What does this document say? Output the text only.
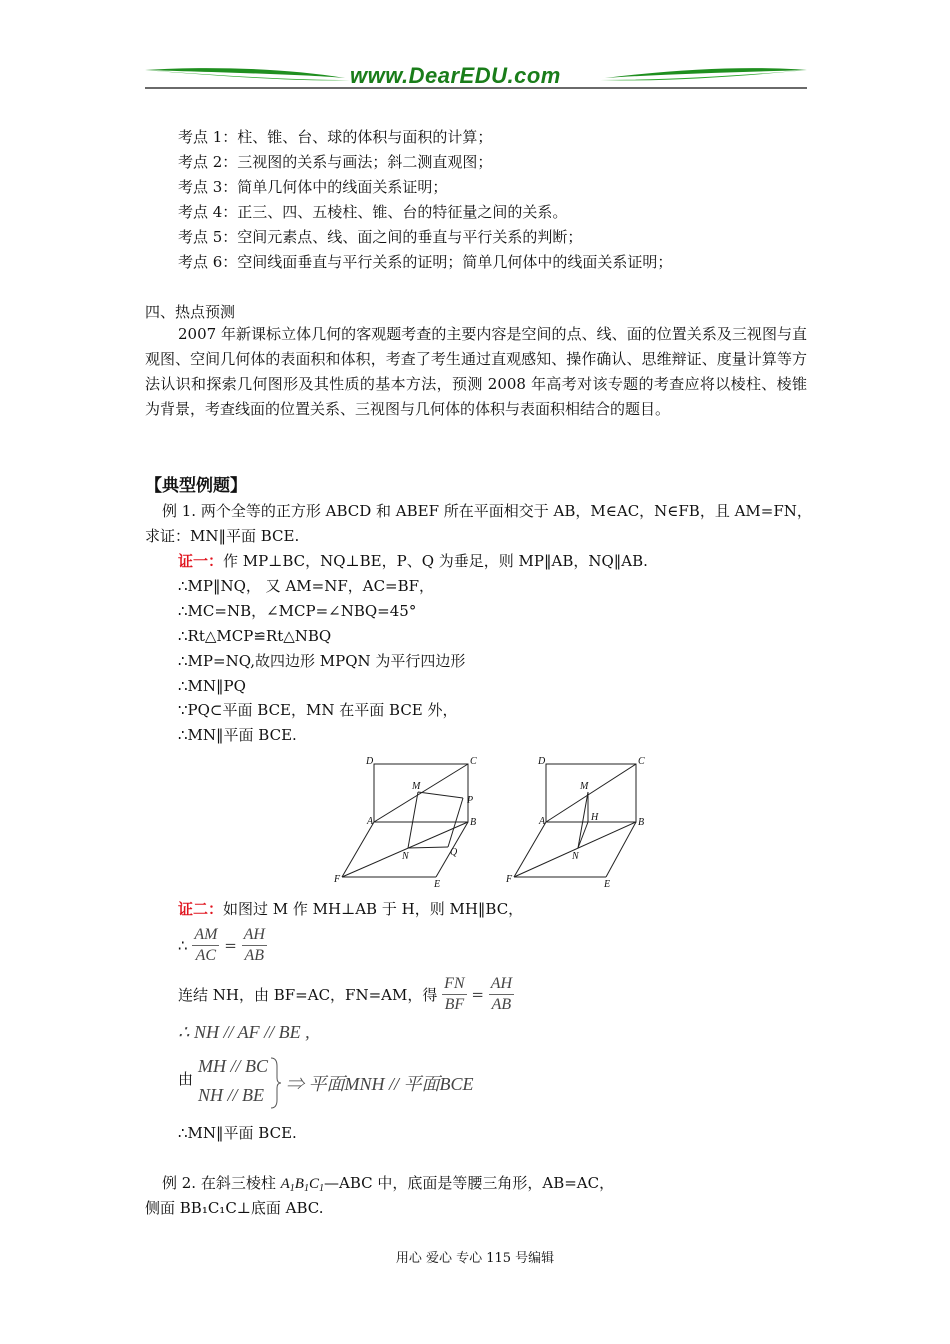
www.DearEDU.com
考点 1：柱、锥、台、球的体积与面积的计算；
考点 2：三视图的关系与画法；斜二测直观图；
考点 3：简单几何体中的线面关系证明；
考点 4：正三、四、五棱柱、锥、台的特征量之间的关系。
考点 5：空间元素点、线、面之间的垂直与平行关系的判断；
考点 6：空间线面垂直与平行关系的证明；简单几何体中的线面关系证明；
四、热点预测
2007 年新课标立体几何的客观题考查的主要内容是空间的点、线、面的位置关系及三视图与直观图、空间几何体的表面积和体积，考查了考生通过直观感知、操作确认、思维辩证、度量计算等方法认识和探索几何图形及其性质的基本方法，预测 2008 年高考对该专题的考查应将以棱柱、棱锥为背景，考查线面的位置关系、三视图与几何体的体积与表面积相结合的题目。
【典型例题】
例 1. 两个全等的正方形 ABCD 和 ABEF 所在平面相交于 AB，M∈AC，N∈FB，且 AM=FN，
求证：MN‖平面 BCE.
证一：作 MP⊥BC，NQ⊥BE，P、Q 为垂足，则 MP‖AB，NQ‖AB.
∴MP‖NQ， 又 AM=NF，AC=BF，
∴MC=NB，∠MCP=∠NBQ=45°
∴Rt△MCP≌Rt△NBQ
∴MP=NQ,故四边形 MPQN 为平行四边形
∴MN‖PQ
∵PQ⊂平面 BCE，MN 在平面 BCE 外，
∴MN‖平面 BCE.
D	C
M
P
A	B
N	Q
F	E
D	C
M
H
A	B
N
F	E
证二：如图过 M 作 MH⊥AB 于 H，则 MH‖BC，
∴ $\frac{AM}{AC} = \frac{AH}{AB}$
连结 NH，由 BF=AC，FN=AM，得 $\frac{FN}{BF} = \frac{AH}{AB}$
∴ NH // AF // BE ,
由
MH // BC
NH // BE
⇒ 平面MNH // 平面BCE
∴MN‖平面 BCE.
例 2. 在斜三棱柱 $A_1B_1C_1—ABC$ 中，底面是等腰三角形，AB=AC，
侧面 BB₁C₁C⊥底面 ABC.
用心 爱心 专心 115 号编辑
